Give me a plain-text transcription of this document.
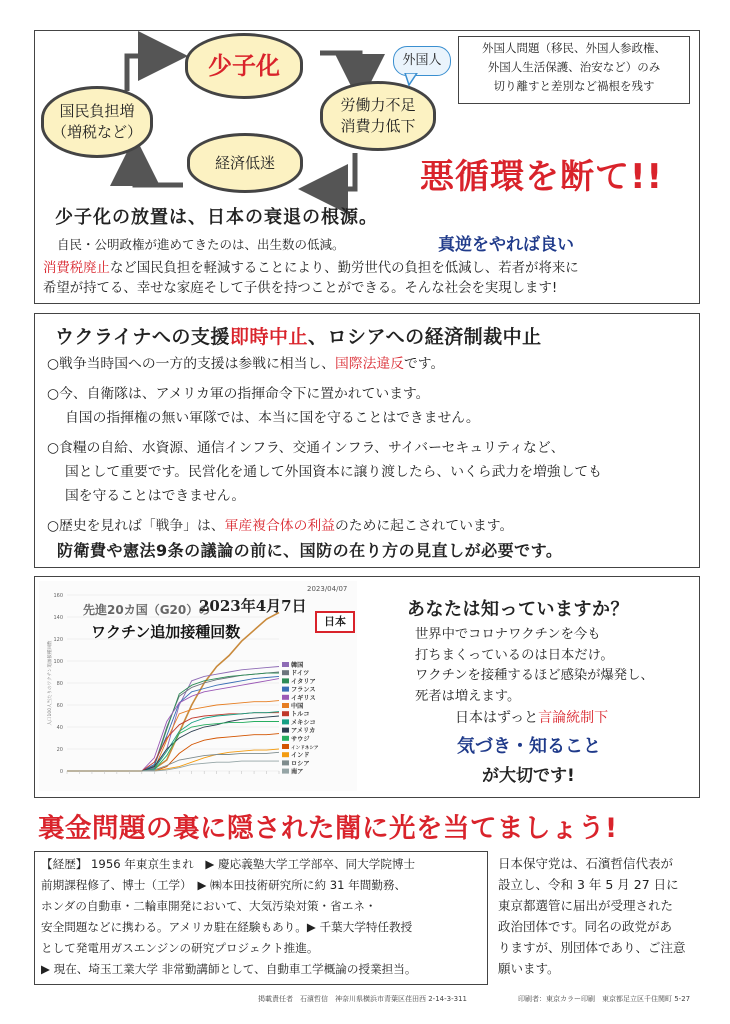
少子化
労働力不足
消費力低下
経済低迷
国民負担増
（増税など）
外国人
外国人問題（移民、外国人参政権、
外国人生活保護、治安など）のみ
切り離すと差別など禍根を残す
悪循環を断て!!
少子化の放置は、日本の衰退の根源。
自民・公明政権が進めてきたのは、出生数の低減。	真逆をやれば良い
消費税廃止など国民負担を軽減することにより、勤労世代の負担を低減し、若者が将来に
希望が持てる、幸せな家庭そして子供を持つことができる。そんな社会を実現します!
ウクライナへの支援即時中止、ロシアへの経済制裁中止
○戦争当時国への一方的支援は参戦に相当し、国際法違反です。
○今、自衛隊は、アメリカ軍の指揮命令下に置かれています。
自国の指揮権の無い軍隊では、本当に国を守ることはできません。
○食糧の自給、水資源、通信インフラ、交通インフラ、サイバーセキュリティなど、
国として重要です。民営化を通して外国資本に譲り渡したら、いくら武力を増強しても
国を守ることはできません。
○歴史を見れば「戦争」は、軍産複合体の利益のために起こされています。
防衛費や憲法9条の議論の前に、国防の在り方の見直しが必要です。
0
20
40
60
80
100
120
140
160
人口100人当たりのワクチン追加接種回数	韓国
ドイツ
イタリア
フランス
イギリス
中国
トルコ
メキシコ
アメリカ
サウジ
インドネシア
インド
ロシア
南ア
2023/04/07
先進20カ国（G20）の
ワクチン追加接種回数
2023年4月7日
日本
あなたは知っていますか？
世界中でコロナワクチンを今も
打ちまくっているのは日本だけ。
ワクチンを接種するほど感染が爆発し、
死者は増えます。
日本はずっと言論統制下
気づき・知ること
が大切です!
裏金問題の裏に隠された闇に光を当てましょう!
【経歴】 1956 年東京生まれ　▶ 慶応義塾大学工学部卒、同大学院博士
前期課程修了、博士（工学）　▶ ㈱本田技術研究所に約 31 年間勤務、
ホンダの自動車・二輪車開発において、大気汚染対策・省エネ・
安全問題などに携わる。アメリカ駐在経験もあり。▶ 千葉大学特任教授
として発電用ガスエンジンの研究プロジェクト推進。
▶ 現在、埼玉工業大学 非常勤講師として、自動車工学概論の授業担当。
日本保守党は、石濱哲信代表が
設立し、令和 3 年 5 月 27 日に
東京都選管に届出が受理された
政治団体です。同名の政党があ
りますが、別団体であり、ご注意
願います。
掲載責任者　石濱哲信　神奈川県横浜市青葉区荏田西 2-14-3-311	印刷者：東京カラー印刷　東京都足立区千住関町 5-27
